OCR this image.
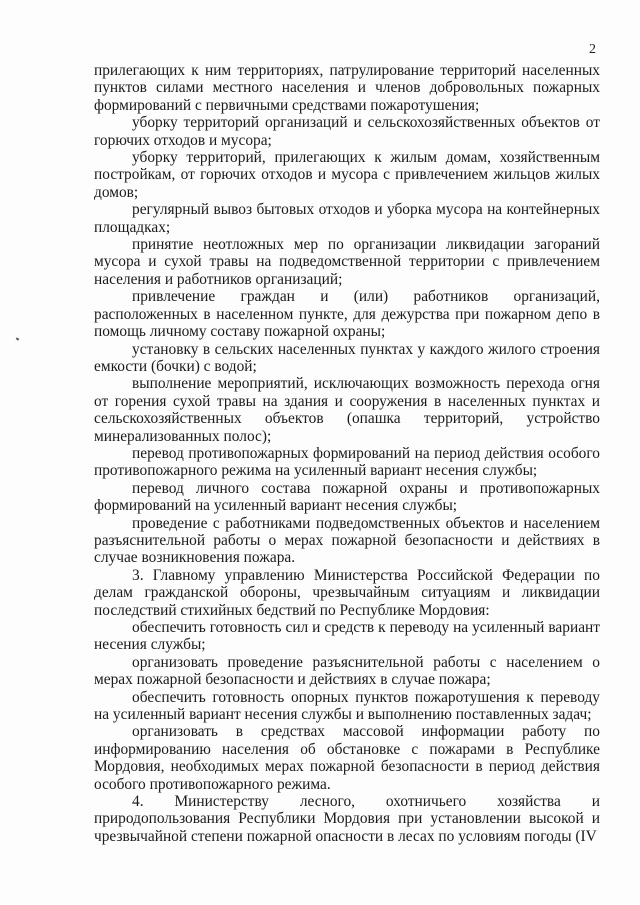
2

прилегающих к ним территориях, патрулирование территорий населенных пунктов силами местного населения и членов добровольных пожарных формирований с первичными средствами пожаротушения;

уборку территорий организаций и сельскохозяйственных объектов от горючих отходов и мусора;

уборку территорий, прилегающих к жилым домам, хозяйственным постройкам, от горючих отходов и мусора с привлечением жильцов жилых домов;

регулярный вывоз бытовых отходов и уборка мусора на контейнерных площадках;

принятие неотложных мер по организации ликвидации загораний мусора и сухой травы на подведомственной территории с привлечением населения и работников организаций;

привлечение граждан и (или) работников организаций, расположенных в населенном пункте, для дежурства при пожарном депо в помощь личному составу пожарной охраны;

установку в сельских населенных пунктах у каждого жилого строения емкости (бочки) с водой;

выполнение мероприятий, исключающих возможность перехода огня от горения сухой травы на здания и сооружения в населенных пунктах и сельскохозяйственных объектов (опашка территорий, устройство минерализованных полос);

перевод противопожарных формирований на период действия особого противопожарного режима на усиленный вариант несения службы;

перевод личного состава пожарной охраны и противопожарных формирований на усиленный вариант несения службы;

проведение с работниками подведомственных объектов и населением разъяснительной работы о мерах пожарной безопасности и действиях в случае возникновения пожара.

3. Главному управлению Министерства Российской Федерации по делам гражданской обороны, чрезвычайным ситуациям и ликвидации последствий стихийных бедствий по Республике Мордовия:

обеспечить готовность сил и средств к переводу на усиленный вариант несения службы;

организовать проведение разъяснительной работы с населением о мерах пожарной безопасности и действиях в случае пожара;

обеспечить готовность опорных пунктов пожаротушения к переводу на усиленный вариант несения службы и выполнению поставленных задач;

организовать в средствах массовой информации работу по информированию населения об обстановке с пожарами в Республике Мордовия, необходимых мерах пожарной безопасности в период действия особого противопожарного режима.

4. Министерству лесного, охотничьего хозяйства и природопользования Республики Мордовия при установлении высокой и чрезвычайной степени пожарной опасности в лесах по условиям погоды (IV
